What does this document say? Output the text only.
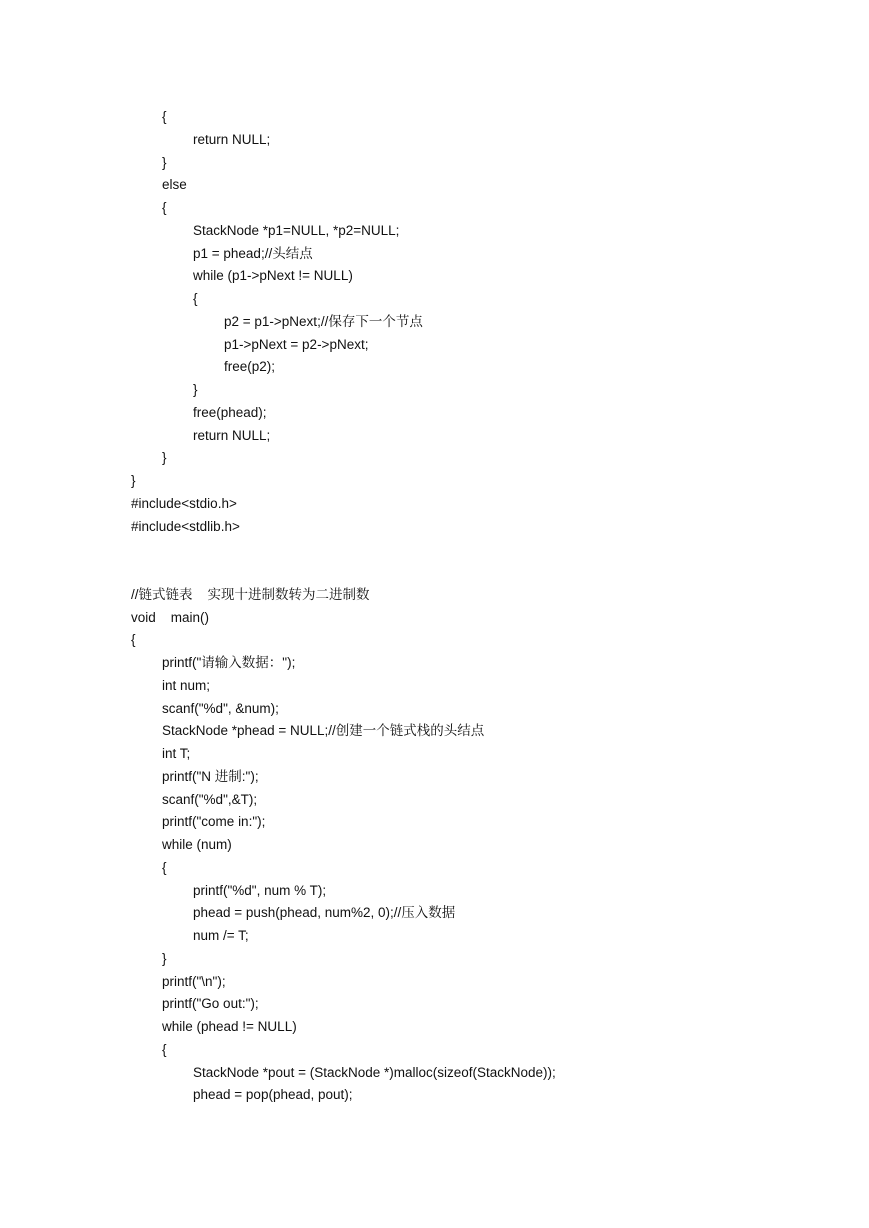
{
return NULL;
}
else
{
StackNode *p1=NULL, *p2=NULL;
p1 = phead;//头结点
while (p1->pNext != NULL)
{
p2 = p1->pNext;//保存下一个节点
p1->pNext = p2->pNext;
free(p2);
}
free(phead);
return NULL;
}
}
#include<stdio.h>
#include<stdlib.h>
//链式链表    实现十进制数转为二进制数
void    main()
{
printf("请输入数据：");
int num;
scanf("%d", &num);
StackNode *phead = NULL;//创建一个链式栈的头结点
int T;
printf("N 进制:");
scanf("%d",&T);
printf("come in:");
while (num)
{
printf("%d", num % T);
phead = push(phead, num%2, 0);//压入数据
num /= T;
}
printf("\n");
printf("Go out:");
while (phead != NULL)
{
StackNode *pout = (StackNode *)malloc(sizeof(StackNode));
phead = pop(phead, pout);
